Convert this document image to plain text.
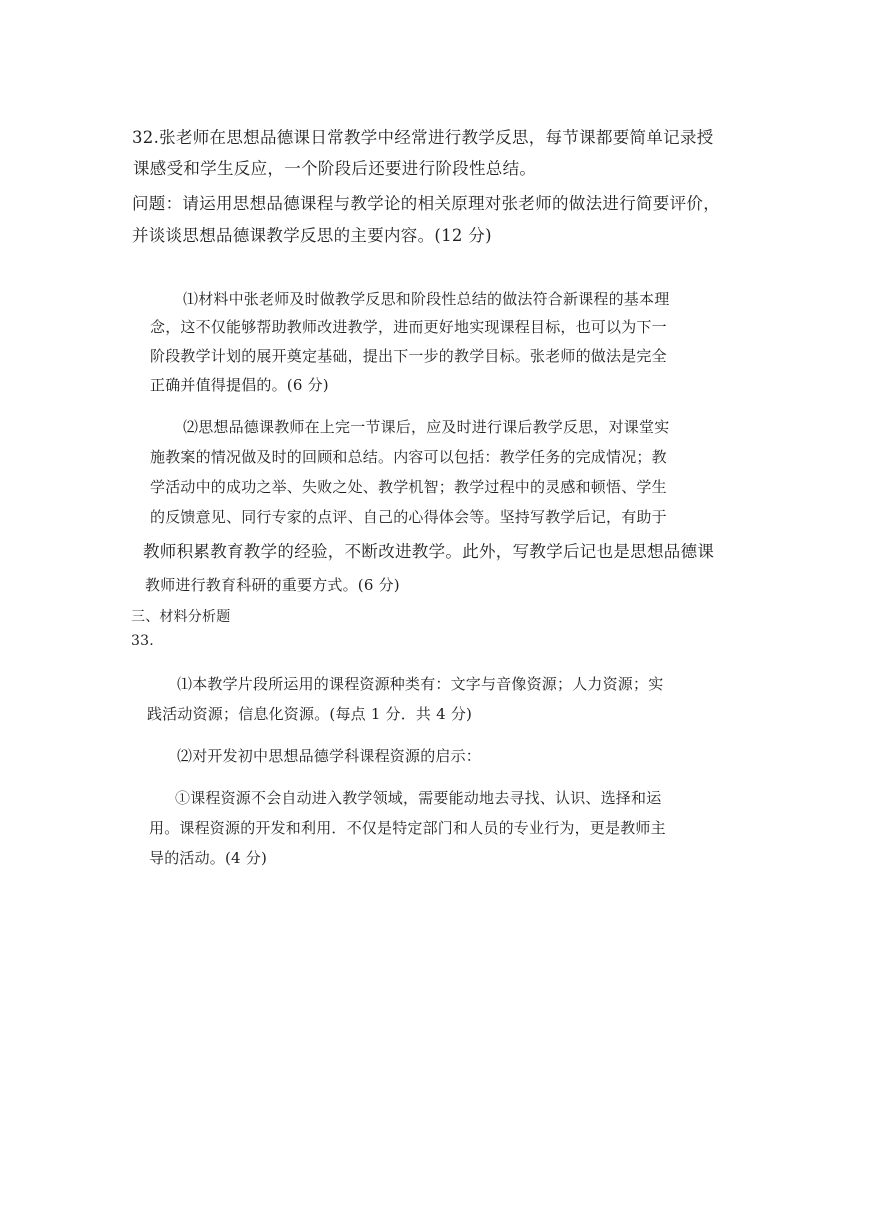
32.张老师在思想品德课日常教学中经常进行教学反思，每节课都要简单记录授
课感受和学生反应，一个阶段后还要进行阶段性总结。
问题：请运用思想品德课程与教学论的相关原理对张老师的做法进行简要评价，
并谈谈思想品德课教学反思的主要内容。(12 分)
⑴材料中张老师及时做教学反思和阶段性总结的做法符合新课程的基本理
念，这不仅能够帮助教师改进教学，进而更好地实现课程目标，也可以为下一
阶段教学计划的展开奠定基础，提出下一步的教学目标。张老师的做法是完全
正确并值得提倡的。(6 分)
⑵思想品德课教师在上完一节课后，应及时进行课后教学反思，对课堂实
施教案的情况做及时的回顾和总结。内容可以包括：教学任务的完成情况；教
学活动中的成功之举、失败之处、教学机智；教学过程中的灵感和顿悟、学生
的反馈意见、同行专家的点评、自己的心得体会等。坚持写教学后记，有助于
教师积累教育教学的经验，不断改进教学。此外，写教学后记也是思想品德课
教师进行教育科研的重要方式。(6 分)
三、材料分析题
33.
⑴本教学片段所运用的课程资源种类有：文字与音像资源；人力资源；实
践活动资源；信息化资源。(每点 1 分．共 4 分)
⑵对开发初中思想品德学科课程资源的启示：
①课程资源不会自动进入教学领域，需要能动地去寻找、认识、选择和运
用。课程资源的开发和利用．不仅是特定部门和人员的专业行为，更是教师主
导的活动。(4 分)
